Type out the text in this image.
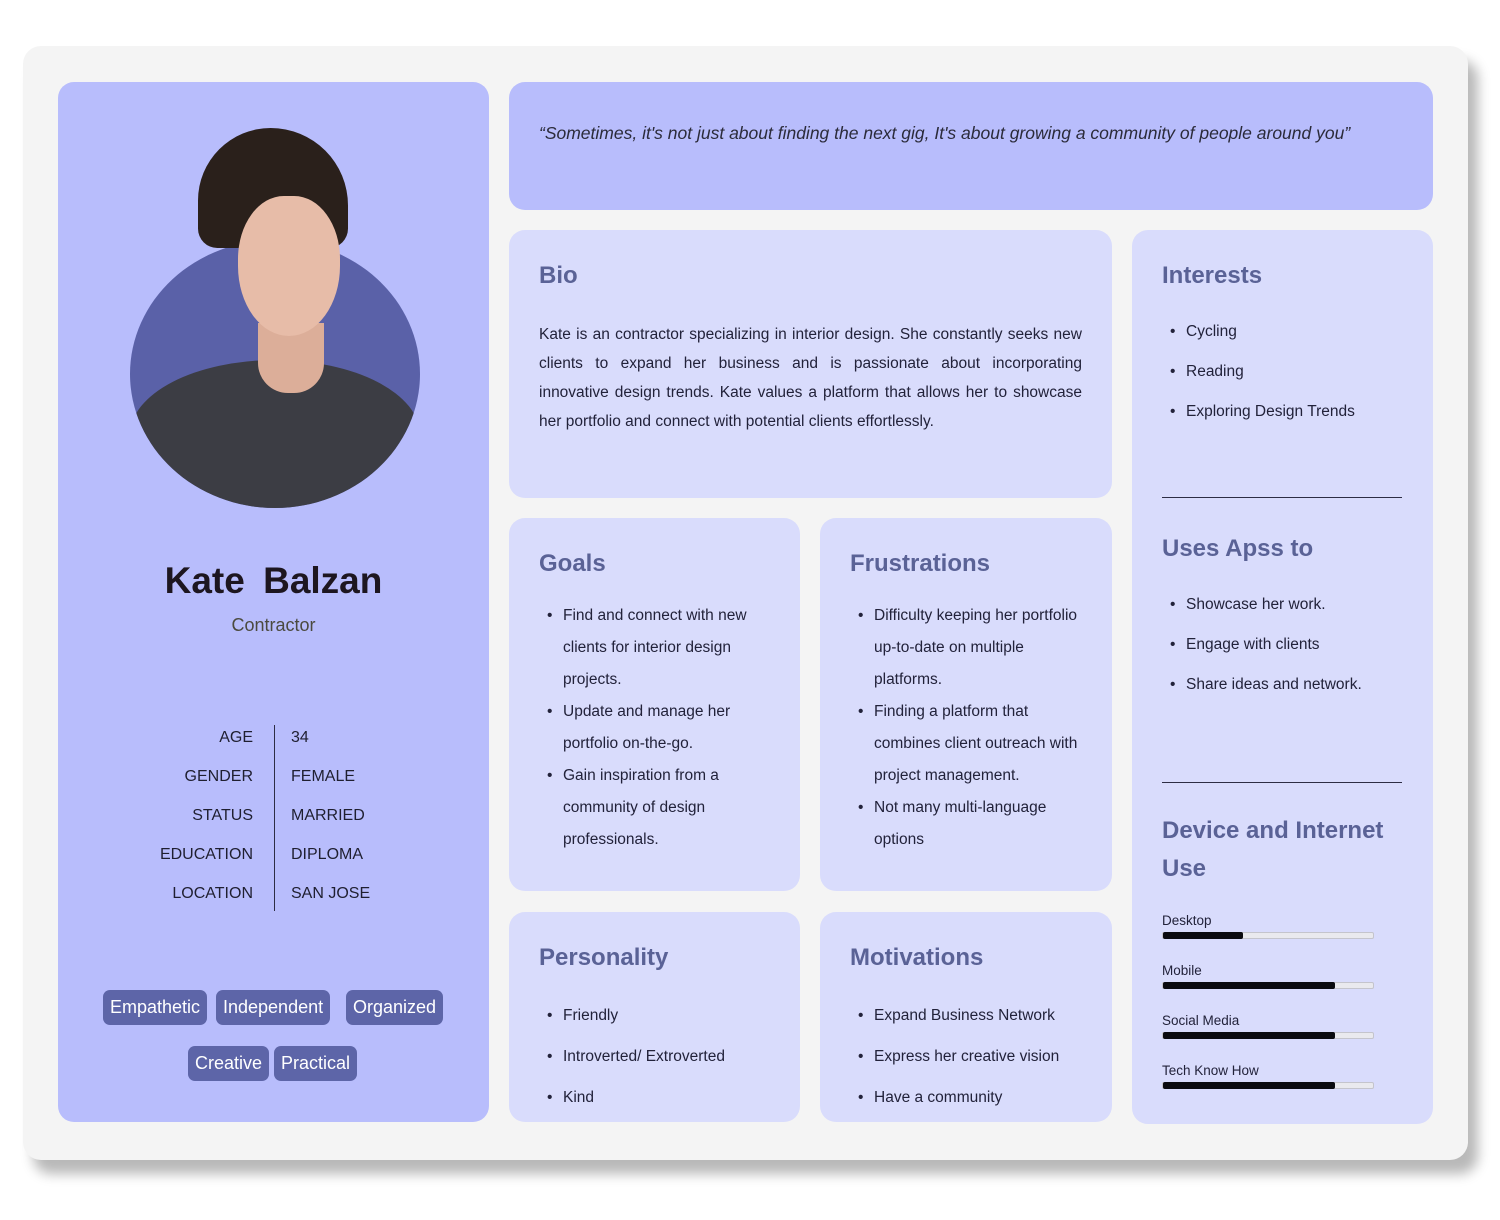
Kate Balzan
Contractor
AGE 34
GENDER FEMALE
STATUS MARRIED
EDUCATION DIPLOMA
LOCATION SAN JOSE
Empathetic	Independent	Organized
Creative	Practical

“Sometimes, it's not just about finding the next gig, It's about growing a community of people around you”

Bio

Kate is an contractor specializing in interior design. She constantly seeks new clients to expand her business and is passionate about incorporating innovative design trends. Kate values a platform that allows her to showcase her portfolio and connect with potential clients effortlessly.

Goals
• Find and connect with new clients for interior design projects.
• Update and manage her portfolio on-the-go.
• Gain inspiration from a community of design professionals.
Frustrations
• Difficulty keeping her portfolio up-to-date on multiple platforms.
• Finding a platform that combines client outreach with project management.
• Not many multi-language options
Personality
• Friendly
• Introverted/ Extroverted
• Kind
Motivations
• Expand Business Network
• Express her creative vision
• Have a community
Interests
• Cycling
• Reading
• Exploring Design Trends
Uses Apss to
• Showcase her work.
• Engage with clients
• Share ideas and network.
Device and Internet Use
Desktop
Mobile
Social Media
Tech Know How
